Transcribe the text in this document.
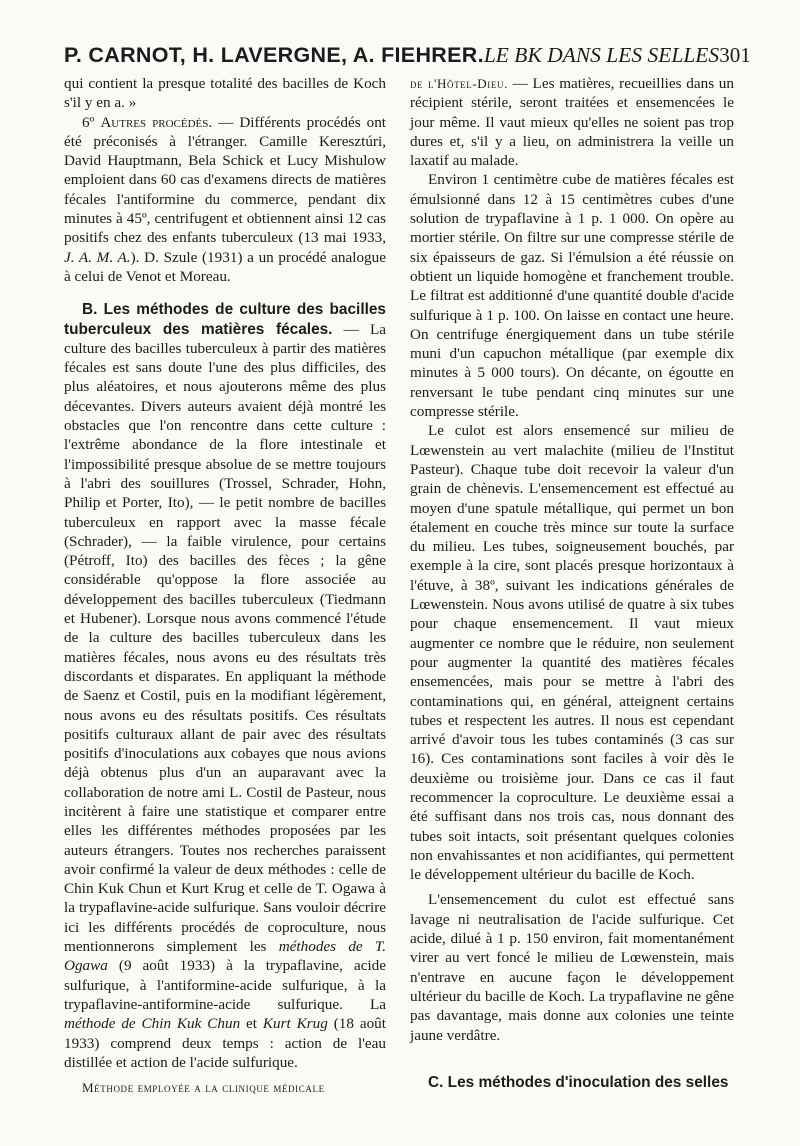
P. CARNOT, H. LAVERGNE, A. FIEHRER. LE BK DANS LES SELLES 301

qui contient la presque totalité des bacilles de Koch s'il y en a. »

6º Autres procédés. — Différents procédés ont été préconisés à l'étranger. Camille Keresztúri, David Hauptmann, Bela Schick et Lucy Mishulow emploient dans 60 cas d'examens directs de matières fécales l'antiformine du commerce, pendant dix minutes à 45º, centrifugent et obtiennent ainsi 12 cas positifs chez des enfants tuberculeux (13 mai 1933, J. A. M. A.). D. Szule (1931) a un procédé analogue à celui de Venot et Moreau.

B. Les méthodes de culture des bacilles tuberculeux des matières fécales. — La culture des bacilles tuberculeux à partir des matières fécales est sans doute l'une des plus difficiles, des plus aléatoires, et nous ajouterons même des plus décevantes. Divers auteurs avaient déjà montré les obstacles que l'on rencontre dans cette culture : l'extrême abondance de la flore intestinale et l'impossibilité presque absolue de se mettre toujours à l'abri des souillures (Trossel, Schrader, Hohn, Philip et Porter, Ito), — le petit nombre de bacilles tuberculeux en rapport avec la masse fécale (Schrader), — la faible virulence, pour certains (Pétroff, Ito) des bacilles des fèces ; la gêne considérable qu'oppose la flore associée au développement des bacilles tuberculeux (Tiedmann et Hubener). Lorsque nous avons commencé l'étude de la culture des bacilles tuberculeux dans les matières fécales, nous avons eu des résultats très discordants et disparates. En appliquant la méthode de Saenz et Costil, puis en la modifiant légèrement, nous avons eu des résultats positifs. Ces résultats positifs culturaux allant de pair avec des résultats positifs d'inoculations aux cobayes que nous avions déjà obtenus plus d'un an auparavant avec la collaboration de notre ami L. Costil de Pasteur, nous incitèrent à faire une statistique et comparer entre elles les différentes méthodes proposées par les auteurs étrangers. Toutes nos recherches paraissent avoir confirmé la valeur de deux méthodes : celle de Chin Kuk Chun et Kurt Krug et celle de T. Ogawa à la trypaflavine-acide sulfurique. Sans vouloir décrire ici les différents procédés de coproculture, nous mentionnerons simplement les méthodes de T. Ogawa (9 août 1933) à la trypaflavine, acide sulfurique, à l'antiformine-acide sulfurique, à la trypaflavine-antiformine-acide sulfurique. La méthode de Chin Kuk Chun et Kurt Krug (18 août 1933) comprend deux temps : action de l'eau distillée et action de l'acide sulfurique.

Méthode employée a la clinique médicale

de l'Hôtel-Dieu. — Les matières, recueillies dans un récipient stérile, seront traitées et ensemencées le jour même. Il vaut mieux qu'elles ne soient pas trop dures et, s'il y a lieu, on administrera la veille un laxatif au malade.

Environ 1 centimètre cube de matières fécales est émulsionné dans 12 à 15 centimètres cubes d'une solution de trypaflavine à 1 p. 1 000. On opère au mortier stérile. On filtre sur une compresse stérile de six épaisseurs de gaz. Si l'émulsion a été réussie on obtient un liquide homogène et franchement trouble. Le filtrat est additionné d'une quantité double d'acide sulfurique à 1 p. 100. On laisse en contact une heure. On centrifuge énergiquement dans un tube stérile muni d'un capuchon métallique (par exemple dix minutes à 5 000 tours). On décante, on égoutte en renversant le tube pendant cinq minutes sur une compresse stérile.

Le culot est alors ensemencé sur milieu de Lœwenstein au vert malachite (milieu de l'Institut Pasteur). Chaque tube doit recevoir la valeur d'un grain de chènevis. L'ensemencement est effectué au moyen d'une spatule métallique, qui permet un bon étalement en couche très mince sur toute la surface du milieu. Les tubes, soigneusement bouchés, par exemple à la cire, sont placés presque horizontaux à l'étuve, à 38º, suivant les indications générales de Lœwenstein. Nous avons utilisé de quatre à six tubes pour chaque ensemencement. Il vaut mieux augmenter ce nombre que le réduire, non seulement pour augmenter la quantité des matières fécales ensemencées, mais pour se mettre à l'abri des contaminations qui, en général, atteignent certains tubes et respectent les autres. Il nous est cependant arrivé d'avoir tous les tubes contaminés (3 cas sur 16). Ces contaminations sont faciles à voir dès le deuxième ou troisième jour. Dans ce cas il faut recommencer la coproculture. Le deuxième essai a été suffisant dans nos trois cas, nous donnant des tubes soit intacts, soit présentant quelques colonies non envahissantes et non acidifiantes, qui permettent le développement ultérieur du bacille de Koch.

L'ensemencement du culot est effectué sans lavage ni neutralisation de l'acide sulfurique. Cet acide, dilué à 1 p. 150 environ, fait momentanément virer au vert foncé le milieu de Lœwenstein, mais n'entrave en aucune façon le développement ultérieur du bacille de Koch. La trypaflavine ne gêne pas davantage, mais donne aux colonies une teinte jaune verdâtre.

C. Les méthodes d'inoculation des selles
